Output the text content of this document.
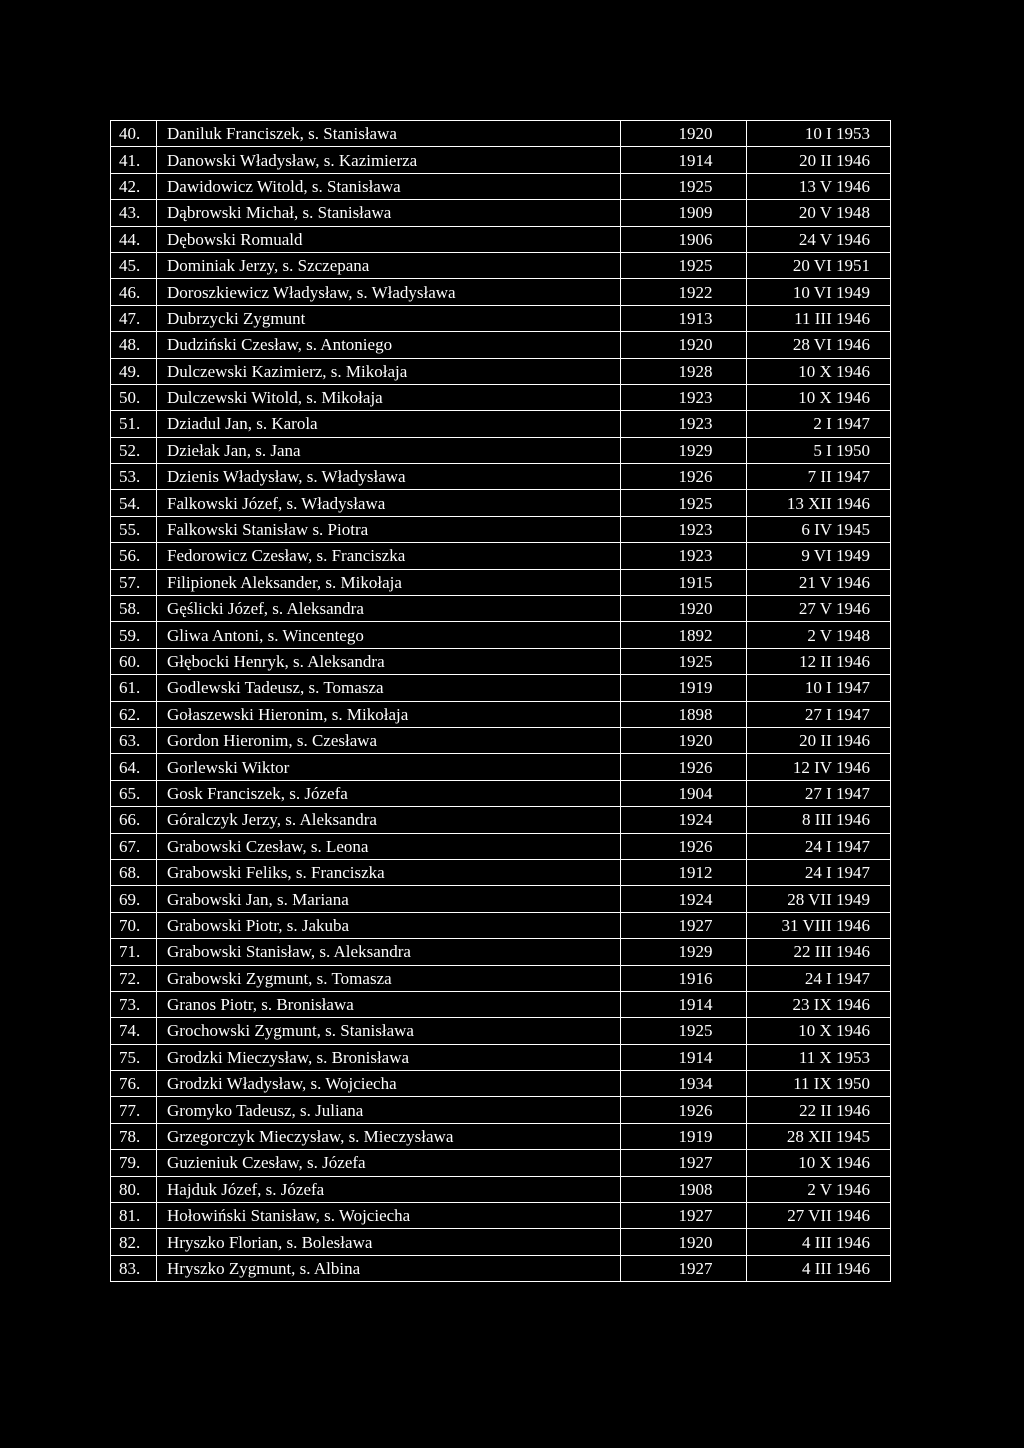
40.	Daniluk Franciszek, s. Stanisława	1920	10 I 1953
41.	Danowski Władysław, s. Kazimierza	1914	20 II 1946
42.	Dawidowicz Witold, s. Stanisława	1925	13 V 1946
43.	Dąbrowski Michał, s. Stanisława	1909	20 V 1948
44.	Dębowski Romuald	1906	24 V 1946
45.	Dominiak Jerzy, s. Szczepana	1925	20 VI 1951
46.	Doroszkiewicz Władysław, s. Władysława	1922	10 VI 1949
47.	Dubrzycki Zygmunt	1913	11 III 1946
48.	Dudziński Czesław, s. Antoniego	1920	28 VI 1946
49.	Dulczewski Kazimierz, s. Mikołaja	1928	10 X 1946
50.	Dulczewski Witold, s. Mikołaja	1923	10 X 1946
51.	Dziadul Jan, s. Karola	1923	2 I 1947
52.	Dziełak Jan, s. Jana	1929	5 I 1950
53.	Dzienis Władysław, s. Władysława	1926	7 II 1947
54.	Falkowski Józef, s. Władysława	1925	13 XII 1946
55.	Falkowski Stanisław s. Piotra	1923	6 IV 1945
56.	Fedorowicz Czesław, s. Franciszka	1923	9 VI 1949
57.	Filipionek Aleksander, s. Mikołaja	1915	21 V 1946
58.	Gęślicki Józef, s. Aleksandra	1920	27 V 1946
59.	Gliwa Antoni, s. Wincentego	1892	2 V 1948
60.	Głębocki Henryk, s. Aleksandra	1925	12 II 1946
61.	Godlewski Tadeusz, s. Tomasza	1919	10 I 1947
62.	Gołaszewski Hieronim, s. Mikołaja	1898	27 I 1947
63.	Gordon Hieronim, s. Czesława	1920	20 II 1946
64.	Gorlewski Wiktor	1926	12 IV 1946
65.	Gosk Franciszek, s. Józefa	1904	27 I 1947
66.	Góralczyk Jerzy, s. Aleksandra	1924	8 III 1946
67.	Grabowski Czesław, s. Leona	1926	24 I 1947
68.	Grabowski Feliks, s. Franciszka	1912	24 I 1947
69.	Grabowski Jan, s. Mariana	1924	28 VII 1949
70.	Grabowski Piotr, s. Jakuba	1927	31 VIII 1946
71.	Grabowski Stanisław, s. Aleksandra	1929	22 III 1946
72.	Grabowski Zygmunt, s. Tomasza	1916	24 I 1947
73.	Granos Piotr, s. Bronisława	1914	23 IX 1946
74.	Grochowski Zygmunt, s. Stanisława	1925	10 X 1946
75.	Grodzki Mieczysław, s. Bronisława	1914	11 X 1953
76.	Grodzki Władysław, s. Wojciecha	1934	11 IX 1950
77.	Gromyko Tadeusz, s. Juliana	1926	22 II 1946
78.	Grzegorczyk Mieczysław, s. Mieczysława	1919	28 XII 1945
79.	Guzieniuk Czesław, s. Józefa	1927	10 X 1946
80.	Hajduk Józef, s. Józefa	1908	2 V 1946
81.	Hołowiński Stanisław, s. Wojciecha	1927	27 VII 1946
82.	Hryszko Florian, s. Bolesława	1920	4 III 1946
83.	Hryszko Zygmunt, s. Albina	1927	4 III 1946
